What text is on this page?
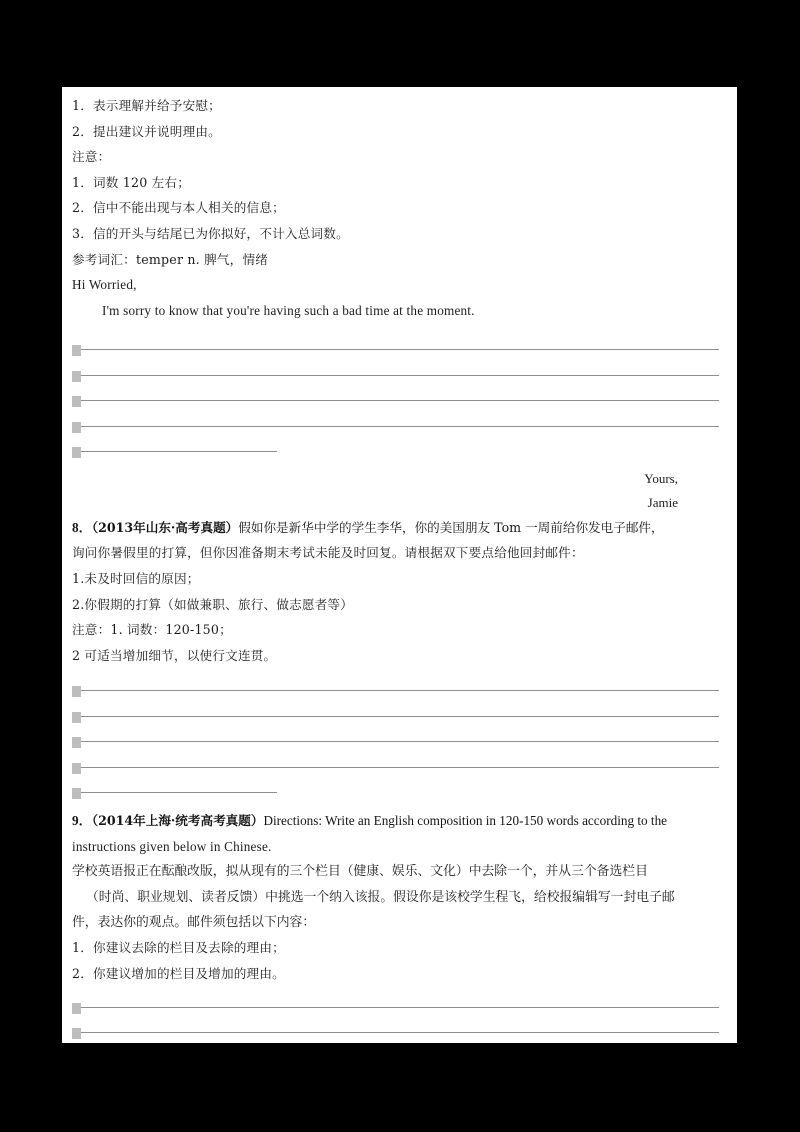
1．表示理解并给予安慰；
2．提出建议并说明理由。
注意：
1．词数 120 左右；
2．信中不能出现与本人相关的信息；
3．信的开头与结尾已为你拟好，不计入总词数。
参考词汇：temper n. 脾气，情绪
Hi Worried,
I'm sorry to know that you're having such a bad time at the moment.
Yours,
Jamie
8．（2013年山东·高考真题）假如你是新华中学的学生李华，你的美国朋友 Tom 一周前给你发电子邮件，
询问你暑假里的打算，但你因准备期末考试未能及时回复。请根据双下要点给他回封邮件：
1.未及时回信的原因；
2.你假期的打算（如做兼职、旅行、做志愿者等）
注意：1. 词数：120-150；
2 可适当增加细节，以使行文连贯。
9．（2014年上海·统考高考真题）Directions: Write an English composition in 120-150 words according to the
instructions given below in Chinese.
学校英语报正在酝酿改版，拟从现有的三个栏目（健康、娱乐、文化）中去除一个，并从三个备选栏目
（时尚、职业规划、读者反馈）中挑选一个纳入该报。假设你是该校学生程飞，给校报编辑写一封电子邮
件，表达你的观点。邮件须包括以下内容：
1．你建议去除的栏目及去除的理由；
2．你建议增加的栏目及增加的理由。
